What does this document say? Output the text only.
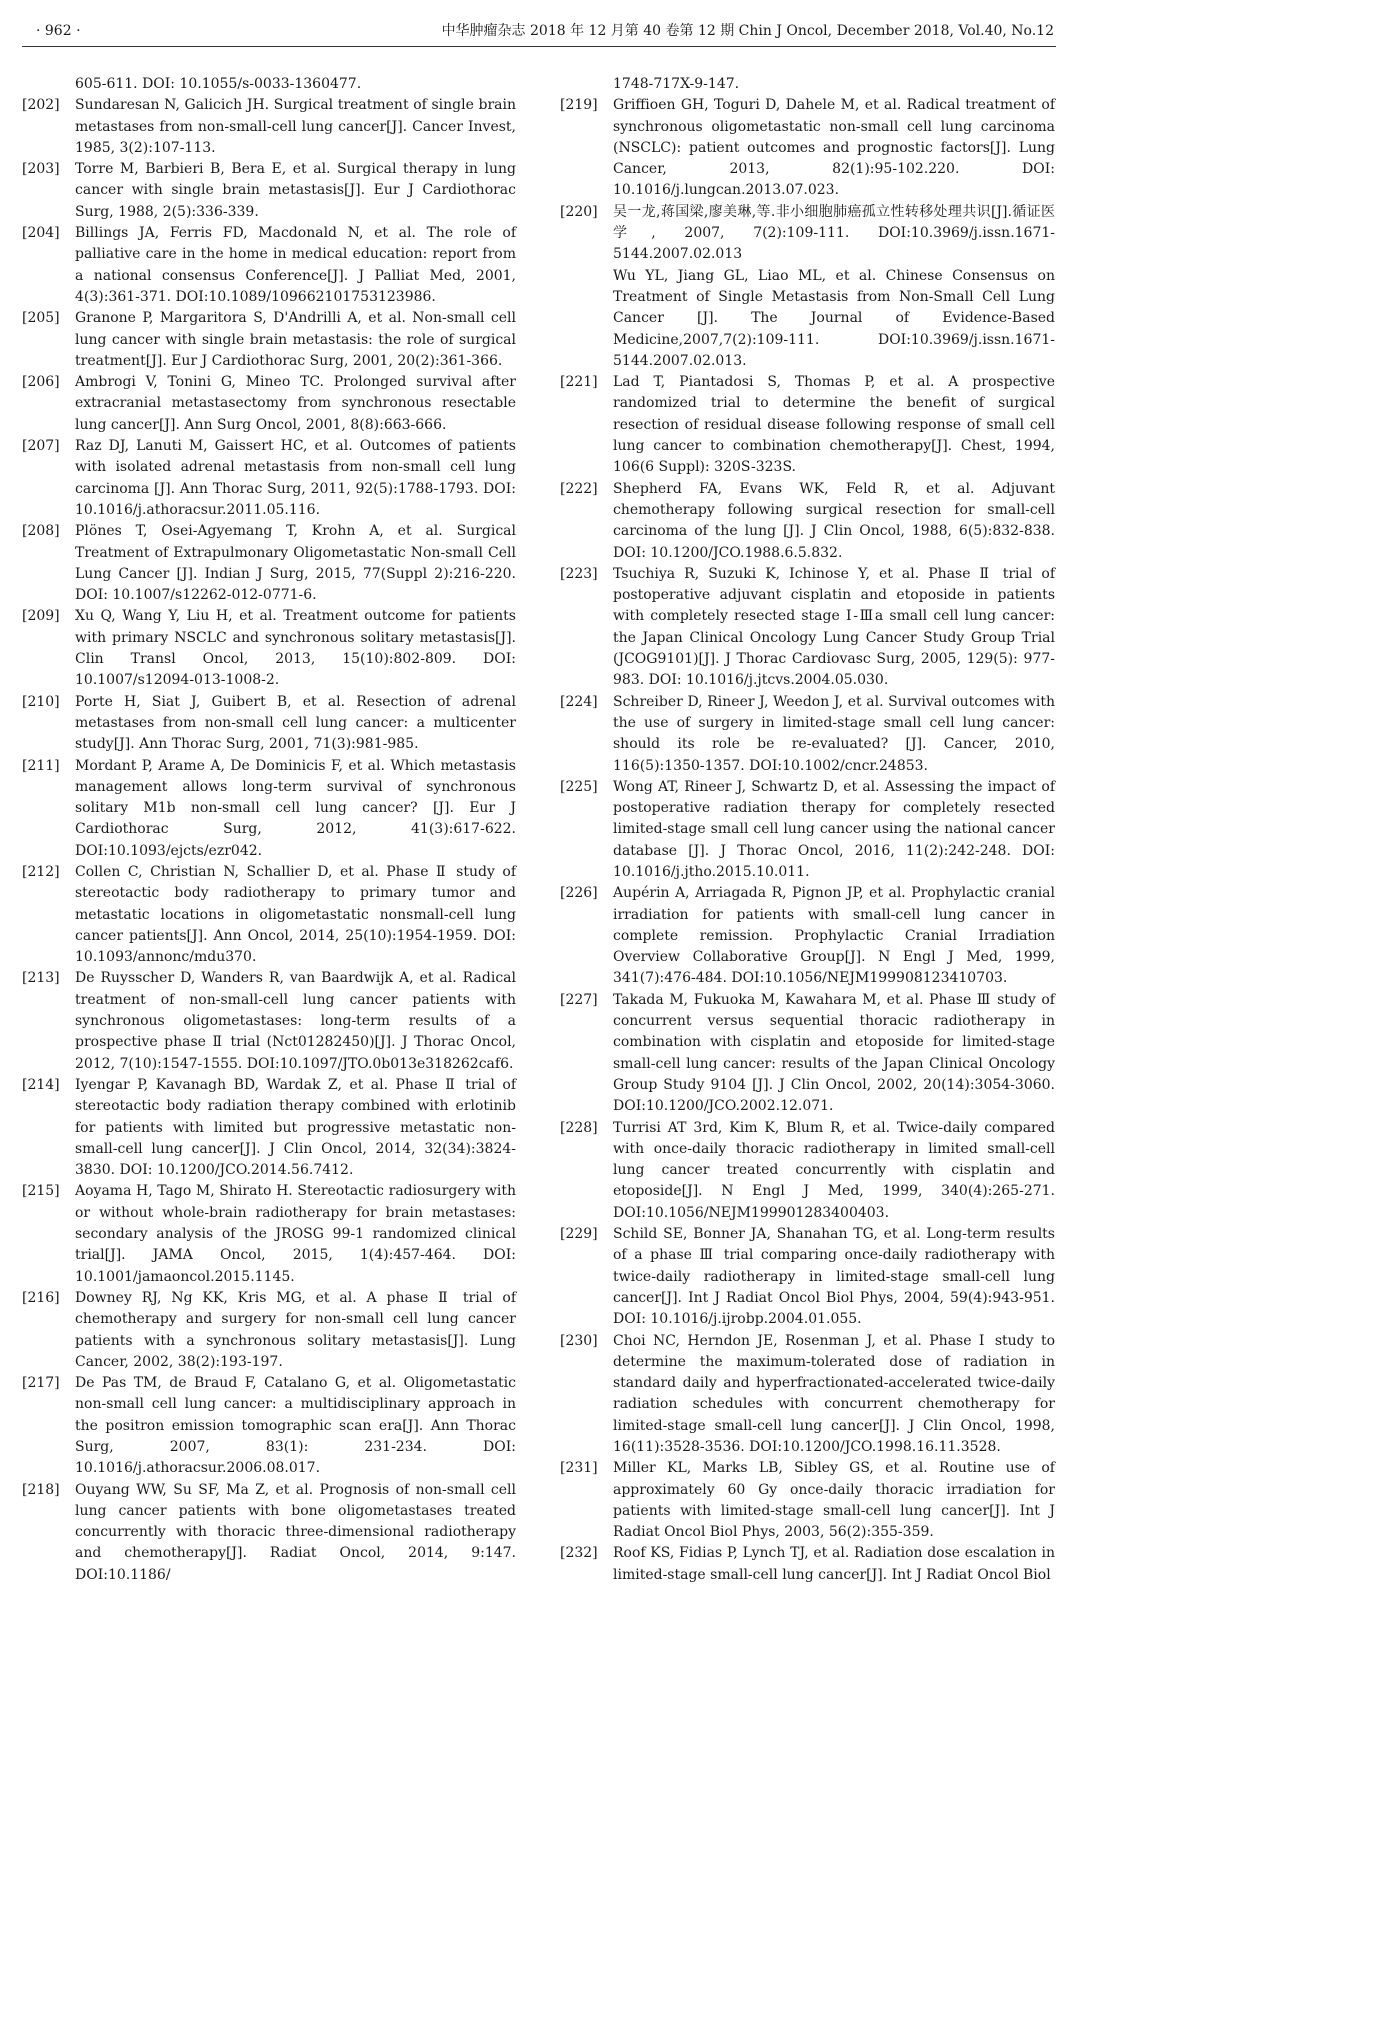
· 962 ·	中华肿瘤杂志 2018 年 12 月第 40 卷第 12 期 Chin J Oncol, December 2018, Vol.40, No.12
605-611. DOI: 10.1055/s-0033-1360477.
[202] Sundaresan N, Galicich JH. Surgical treatment of single brain metastases from non-small-cell lung cancer[J]. Cancer Invest, 1985, 3(2):107-113.
[203] Torre M, Barbieri B, Bera E, et al. Surgical therapy in lung cancer with single brain metastasis[J]. Eur J Cardiothorac Surg, 1988, 2(5):336-339.
[204] Billings JA, Ferris FD, Macdonald N, et al. The role of palliative care in the home in medical education: report from a national consensus Conference[J]. J Palliat Med, 2001, 4(3):361-371. DOI:10.1089/109662101753123986.
[205] Granone P, Margaritora S, D'Andrilli A, et al. Non-small cell lung cancer with single brain metastasis: the role of surgical treatment[J]. Eur J Cardiothorac Surg, 2001, 20(2):361-366.
[206] Ambrogi V, Tonini G, Mineo TC. Prolonged survival after extracranial metastasectomy from synchronous resectable lung cancer[J]. Ann Surg Oncol, 2001, 8(8):663-666.
[207] Raz DJ, Lanuti M, Gaissert HC, et al. Outcomes of patients with isolated adrenal metastasis from non-small cell lung carcinoma [J]. Ann Thorac Surg, 2011, 92(5):1788-1793. DOI: 10.1016/j.athoracsur.2011.05.116.
[208] Plönes T, Osei-Agyemang T, Krohn A, et al. Surgical Treatment of Extrapulmonary Oligometastatic Non-small Cell Lung Cancer [J]. Indian J Surg, 2015, 77(Suppl 2):216-220. DOI: 10.1007/s12262-012-0771-6.
[209] Xu Q, Wang Y, Liu H, et al. Treatment outcome for patients with primary NSCLC and synchronous solitary metastasis[J]. Clin Transl Oncol, 2013, 15(10):802-809. DOI: 10.1007/s12094-013-1008-2.
[210] Porte H, Siat J, Guibert B, et al. Resection of adrenal metastases from non-small cell lung cancer: a multicenter study[J]. Ann Thorac Surg, 2001, 71(3):981-985.
[211] Mordant P, Arame A, De Dominicis F, et al. Which metastasis management allows long-term survival of synchronous solitary M1b non-small cell lung cancer? [J]. Eur J Cardiothorac Surg, 2012, 41(3):617-622. DOI:10.1093/ejcts/ezr042.
[212] Collen C, Christian N, Schallier D, et al. Phase Ⅱ study of stereotactic body radiotherapy to primary tumor and metastatic locations in oligometastatic nonsmall-cell lung cancer patients[J]. Ann Oncol, 2014, 25(10):1954-1959. DOI: 10.1093/annonc/mdu370.
[213] De Ruysscher D, Wanders R, van Baardwijk A, et al. Radical treatment of non-small-cell lung cancer patients with synchronous oligometastases: long-term results of a prospective phase Ⅱ trial (Nct01282450)[J]. J Thorac Oncol, 2012, 7(10):1547-1555. DOI:10.1097/JTO.0b013e318262caf6.
[214] Iyengar P, Kavanagh BD, Wardak Z, et al. Phase Ⅱ trial of stereotactic body radiation therapy combined with erlotinib for patients with limited but progressive metastatic non-small-cell lung cancer[J]. J Clin Oncol, 2014, 32(34):3824-3830. DOI: 10.1200/JCO.2014.56.7412.
[215] Aoyama H, Tago M, Shirato H. Stereotactic radiosurgery with or without whole-brain radiotherapy for brain metastases: secondary analysis of the JROSG 99-1 randomized clinical trial[J]. JAMA Oncol, 2015, 1(4):457-464. DOI: 10.1001/jamaoncol.2015.1145.
[216] Downey RJ, Ng KK, Kris MG, et al. A phase Ⅱ trial of chemotherapy and surgery for non-small cell lung cancer patients with a synchronous solitary metastasis[J]. Lung Cancer, 2002, 38(2):193-197.
[217] De Pas TM, de Braud F, Catalano G, et al. Oligometastatic non-small cell lung cancer: a multidisciplinary approach in the positron emission tomographic scan era[J]. Ann Thorac Surg, 2007, 83(1): 231-234. DOI: 10.1016/j.athoracsur.2006.08.017.
[218] Ouyang WW, Su SF, Ma Z, et al. Prognosis of non-small cell lung cancer patients with bone oligometastases treated concurrently with thoracic three-dimensional radiotherapy and chemotherapy[J]. Radiat Oncol, 2014, 9:147. DOI:10.1186/
1748-717X-9-147.
[219] Griffioen GH, Toguri D, Dahele M, et al. Radical treatment of synchronous oligometastatic non-small cell lung carcinoma (NSCLC): patient outcomes and prognostic factors[J]. Lung Cancer, 2013, 82(1):95-102.220. DOI: 10.1016/j.lungcan.2013.07.023.
[220] 吴一龙,蒋国梁,廖美琳,等.非小细胞肺癌孤立性转移处理共识[J].循证医学, 2007, 7(2):109-111. DOI:10.3969/j.issn.1671-5144.2007.02.013
Wu YL, Jiang GL, Liao ML, et al. Chinese Consensus on Treatment of Single Metastasis from Non-Small Cell Lung Cancer [J]. The Journal of Evidence-Based Medicine,2007,7(2):109-111. DOI:10.3969/j.issn.1671-5144.2007.02.013.
[221] Lad T, Piantadosi S, Thomas P, et al. A prospective randomized trial to determine the benefit of surgical resection of residual disease following response of small cell lung cancer to combination chemotherapy[J]. Chest, 1994, 106(6 Suppl): 320S-323S.
[222] Shepherd FA, Evans WK, Feld R, et al. Adjuvant chemotherapy following surgical resection for small-cell carcinoma of the lung [J]. J Clin Oncol, 1988, 6(5):832-838. DOI: 10.1200/JCO.1988.6.5.832.
[223] Tsuchiya R, Suzuki K, Ichinose Y, et al. Phase Ⅱ trial of postoperative adjuvant cisplatin and etoposide in patients with completely resected stage Ⅰ-Ⅲa small cell lung cancer: the Japan Clinical Oncology Lung Cancer Study Group Trial (JCOG9101)[J]. J Thorac Cardiovasc Surg, 2005, 129(5): 977-983. DOI: 10.1016/j.jtcvs.2004.05.030.
[224] Schreiber D, Rineer J, Weedon J, et al. Survival outcomes with the use of surgery in limited-stage small cell lung cancer: should its role be re-evaluated? [J]. Cancer, 2010, 116(5):1350-1357. DOI:10.1002/cncr.24853.
[225] Wong AT, Rineer J, Schwartz D, et al. Assessing the impact of postoperative radiation therapy for completely resected limited-stage small cell lung cancer using the national cancer database [J]. J Thorac Oncol, 2016, 11(2):242-248. DOI: 10.1016/j.jtho.2015.10.011.
[226] Aupérin A, Arriagada R, Pignon JP, et al. Prophylactic cranial irradiation for patients with small-cell lung cancer in complete remission. Prophylactic Cranial Irradiation Overview Collaborative Group[J]. N Engl J Med, 1999, 341(7):476-484. DOI:10.1056/NEJM199908123410703.
[227] Takada M, Fukuoka M, Kawahara M, et al. Phase Ⅲ study of concurrent versus sequential thoracic radiotherapy in combination with cisplatin and etoposide for limited-stage small-cell lung cancer: results of the Japan Clinical Oncology Group Study 9104 [J]. J Clin Oncol, 2002, 20(14):3054-3060. DOI:10.1200/JCO.2002.12.071.
[228] Turrisi AT 3rd, Kim K, Blum R, et al. Twice-daily compared with once-daily thoracic radiotherapy in limited small-cell lung cancer treated concurrently with cisplatin and etoposide[J]. N Engl J Med, 1999, 340(4):265-271. DOI:10.1056/NEJM199901283400403.
[229] Schild SE, Bonner JA, Shanahan TG, et al. Long-term results of a phase Ⅲ trial comparing once-daily radiotherapy with twice-daily radiotherapy in limited-stage small-cell lung cancer[J]. Int J Radiat Oncol Biol Phys, 2004, 59(4):943-951. DOI: 10.1016/j.ijrobp.2004.01.055.
[230] Choi NC, Herndon JE, Rosenman J, et al. Phase Ⅰ study to determine the maximum-tolerated dose of radiation in standard daily and hyperfractionated-accelerated twice-daily radiation schedules with concurrent chemotherapy for limited-stage small-cell lung cancer[J]. J Clin Oncol, 1998, 16(11):3528-3536. DOI:10.1200/JCO.1998.16.11.3528.
[231] Miller KL, Marks LB, Sibley GS, et al. Routine use of approximately 60 Gy once-daily thoracic irradiation for patients with limited-stage small-cell lung cancer[J]. Int J Radiat Oncol Biol Phys, 2003, 56(2):355-359.
[232] Roof KS, Fidias P, Lynch TJ, et al. Radiation dose escalation in limited-stage small-cell lung cancer[J]. Int J Radiat Oncol Biol
